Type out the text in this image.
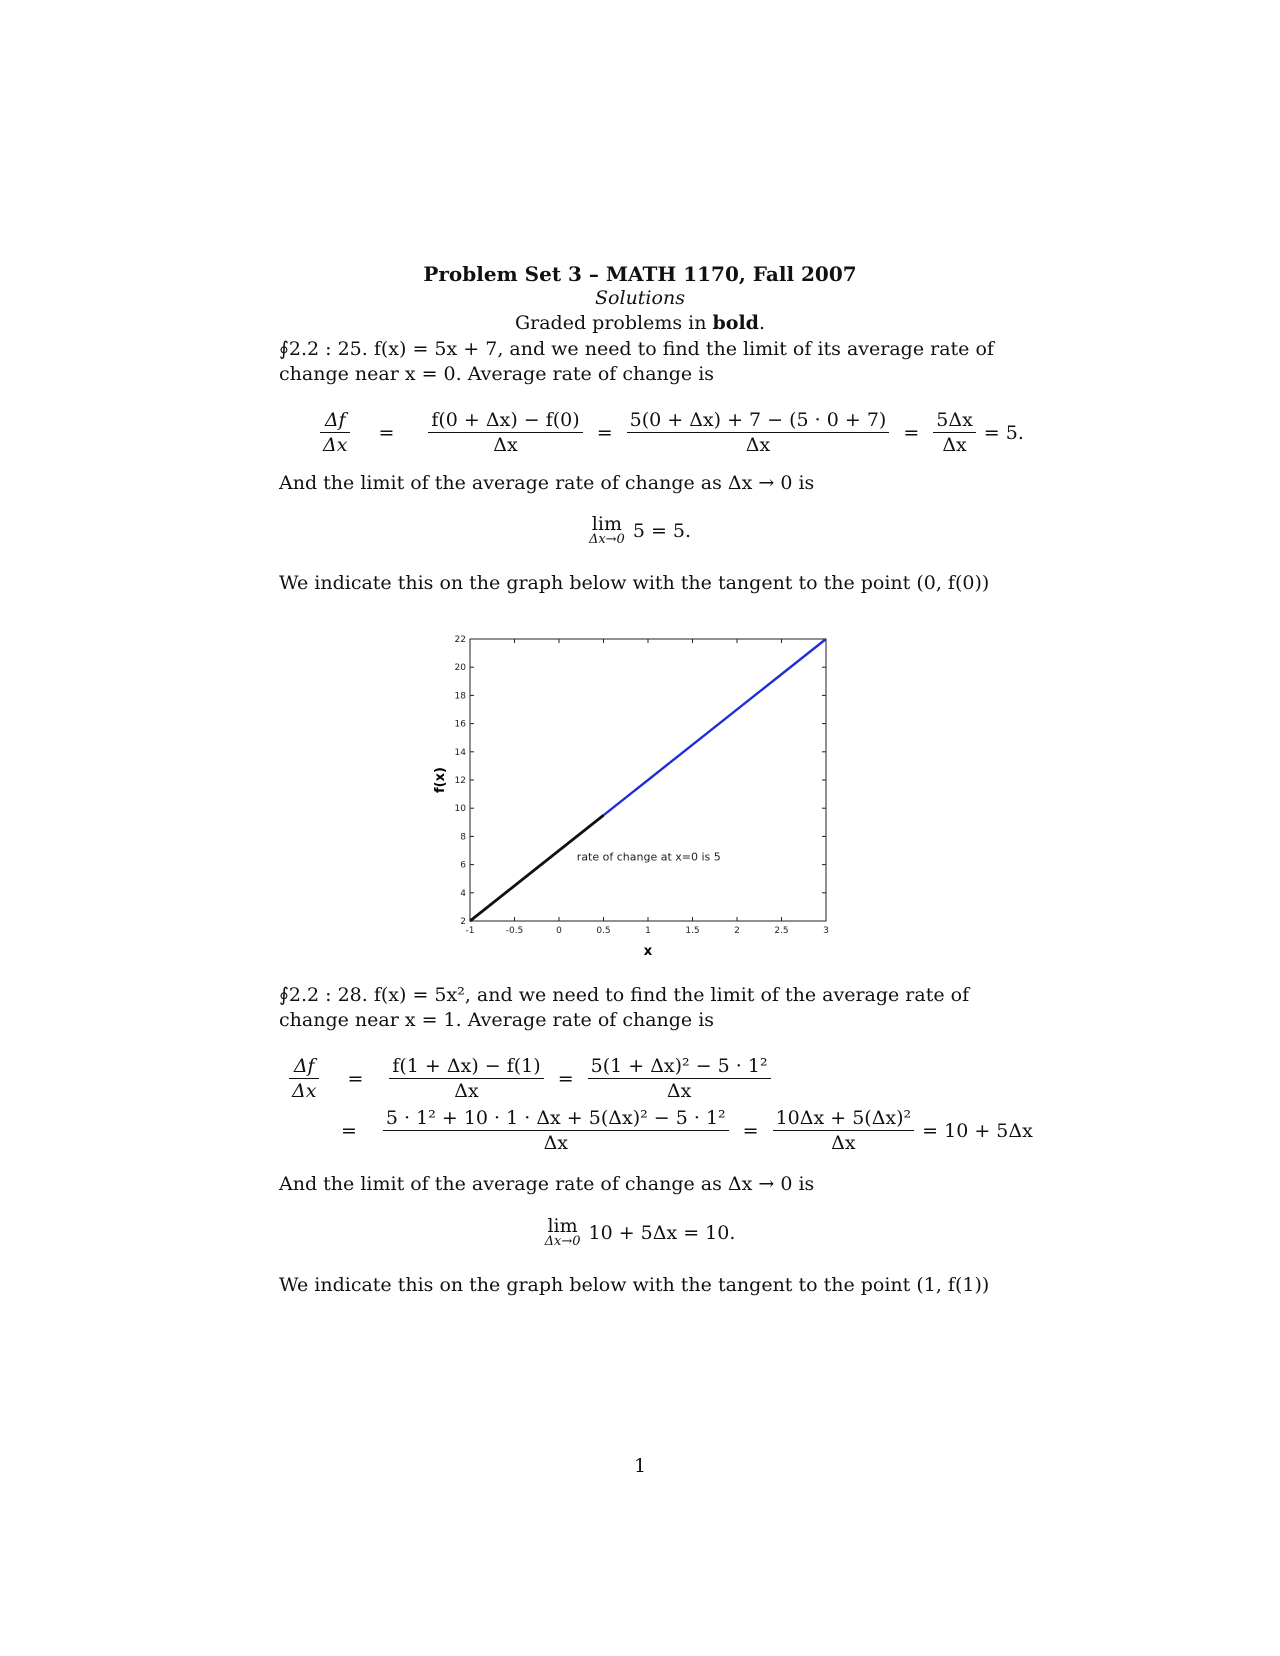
Problem Set 3 – MATH 1170, Fall 2007
Solutions
Graded problems in bold.
∮2.2 : 25. f(x) = 5x + 7, and we need to find the limit of its average rate of
change near x = 0. Average rate of change is
$\frac{\Delta f}{\Delta x} = \frac{f(0 + \Delta x) - f(0)}{\Delta x} = \frac{5(0 + \Delta x) + 7 - (5 \cdot 0 + 7)}{\Delta x} = \frac{5\Delta x}{\Delta x} = 5$.
And the limit of the average rate of change as Δx → 0 is
lim
Δx→0 5 = 5.
We indicate this on the graph below with the tangent to the point (0, f(0))
-1	-0.5	0	0.5	1	1.5	2	2.5	3
2
4
6
8
10
12
14
16
18
20
22
rate of change at x=0 is 5
x
f(x)
∮2.2 : 28. f(x) = 5x², and we need to find the limit of the average rate of
change near x = 1. Average rate of change is
$\frac{\Delta f}{\Delta x} = \frac{f(1 + \Delta x) - f(1)}{\Delta x} = \frac{\text{5(1 + Δx)² − 5 · 1²}}{\Delta x}$
= $\frac{\text{5 · 1² + 10 · 1 · Δx + 5(Δx)² − 5 · 1²}}{\Delta x} = \frac{\text{10Δx + 5(Δx)²}}{\Delta x} = 10 + 5\Delta x$
And the limit of the average rate of change as Δx → 0 is
lim
Δx→0 10 + 5Δx = 10.
We indicate this on the graph below with the tangent to the point (1, f(1))
1
